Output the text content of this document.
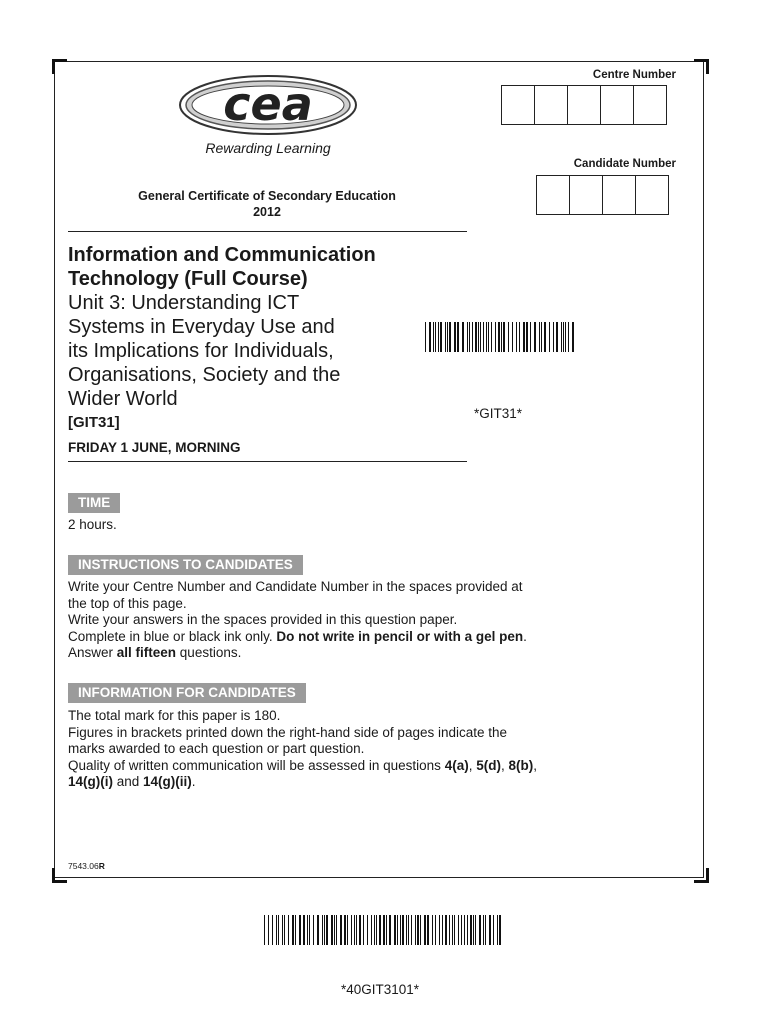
cea
Rewarding Learning
Centre Number
Candidate Number
General Certificate of Secondary Education
2012
Information and Communication
Technology (Full Course)
Unit 3: Understanding ICT
Systems in Everyday Use and
its Implications for Individuals,
Organisations, Society and the
Wider World
[GIT31]
FRIDAY 1 JUNE, MORNING
*GIT31*
TIME
2 hours.
INSTRUCTIONS TO CANDIDATES
Write your Centre Number and Candidate Number in the spaces provided at
the top of this page.
Write your answers in the spaces provided in this question paper.
Complete in blue or black ink only. Do not write in pencil or with a gel pen.
Answer all fifteen questions.
INFORMATION FOR CANDIDATES
The total mark for this paper is 180.
Figures in brackets printed down the right-hand side of pages indicate the
marks awarded to each question or part question.
Quality of written communication will be assessed in questions 4(a), 5(d), 8(b),
14(g)(i) and 14(g)(ii).
7543.06R
*40GIT3101*
